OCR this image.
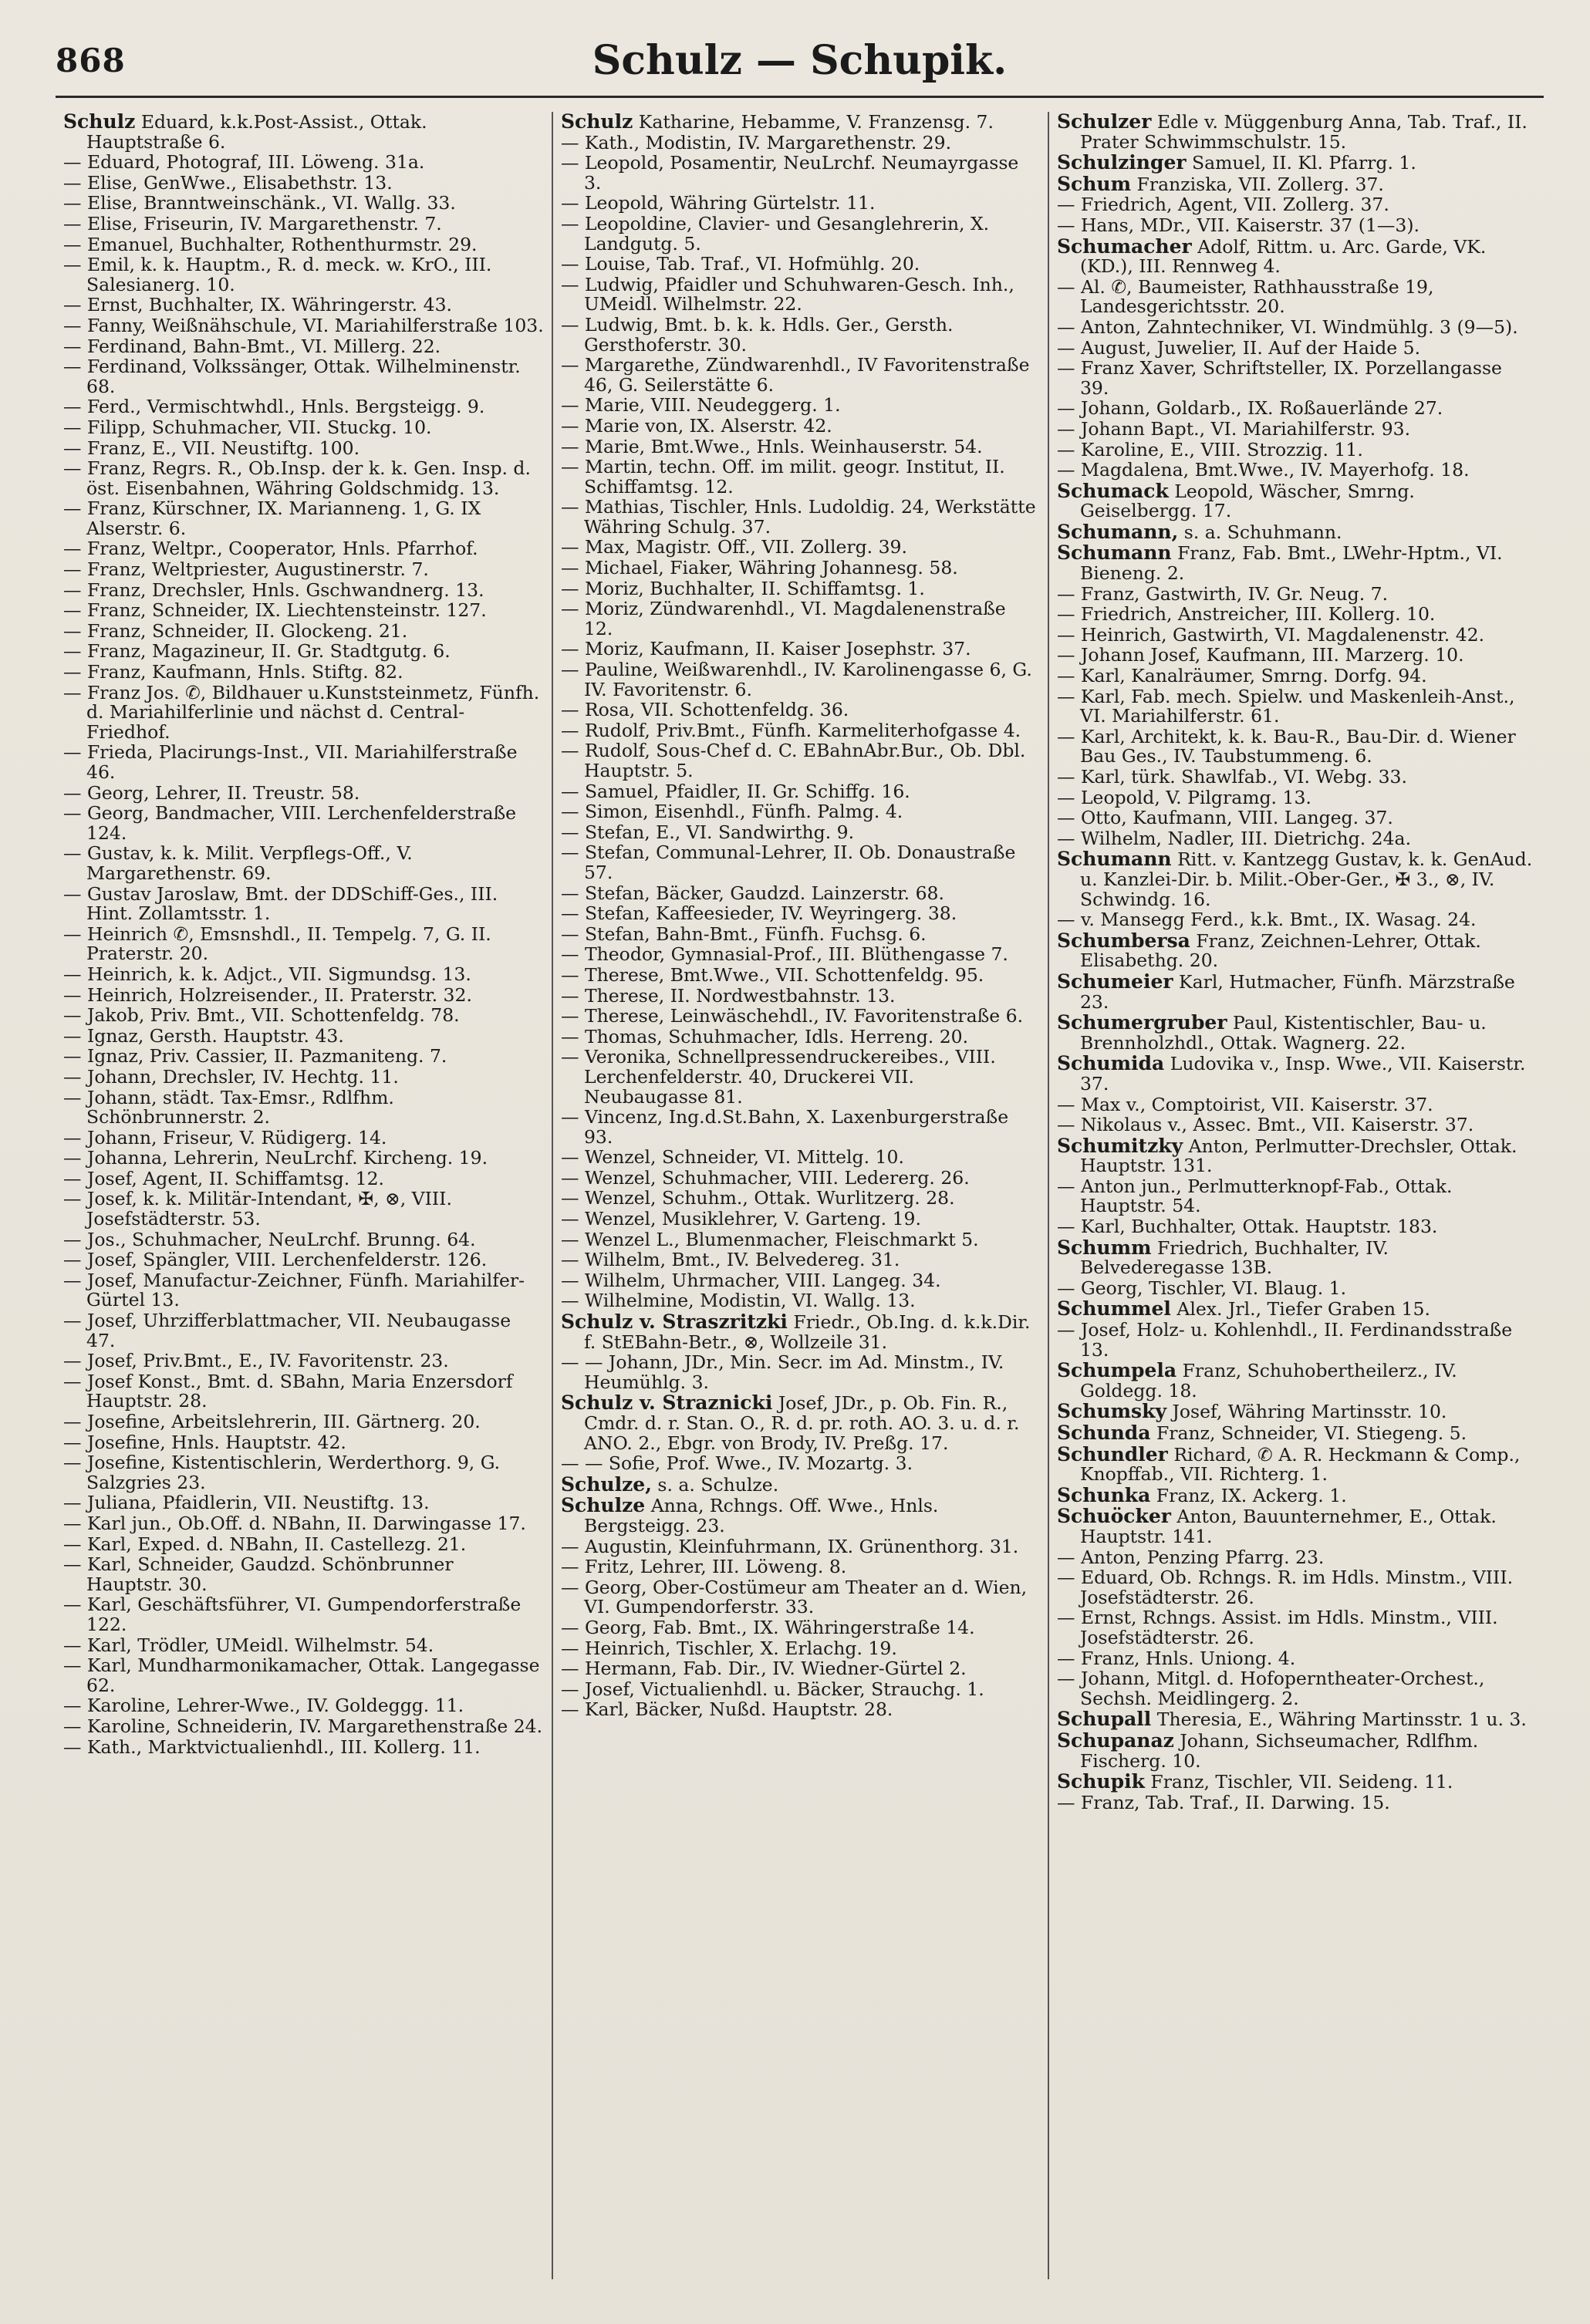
868	Schulz — Schupik.
Schulz Eduard, k.k.Post-Assist., Ottak. Hauptstraße 6.
— Eduard, Photograf, III. Löweng. 31a.
— Elise, GenWwe., Elisabethstr. 13.
— Elise, Branntweinschänk., VI. Wallg. 33.
— Elise, Friseurin, IV. Margarethenstr. 7.
— Emanuel, Buchhalter, Rothenthurmstr. 29.
— Emil, k. k. Hauptm., R. d. meck. w. KrO., III. Salesianerg. 10.
— Ernst, Buchhalter, IX. Währingerstr. 43.
— Fanny, Weißnähschule, VI. Mariahilferstraße 103.
— Ferdinand, Bahn-Bmt., VI. Millerg. 22.
— Ferdinand, Volkssänger, Ottak. Wilhelminenstr. 68.
— Ferd., Vermischtwhdl., Hnls. Bergsteigg. 9.
— Filipp, Schuhmacher, VII. Stuckg. 10.
— Franz, E., VII. Neustiftg. 100.
— Franz, Regrs. R., Ob.Insp. der k. k. Gen. Insp. d. öst. Eisenbahnen, Währing Goldschmidg. 13.
— Franz, Kürschner, IX. Marianneng. 1, G. IX Alserstr. 6.
— Franz, Weltpr., Cooperator, Hnls. Pfarrhof.
— Franz, Weltpriester, Augustinerstr. 7.
— Franz, Drechsler, Hnls. Gschwandnerg. 13.
— Franz, Schneider, IX. Liechtensteinstr. 127.
— Franz, Schneider, II. Glockeng. 21.
— Franz, Magazineur, II. Gr. Stadtgutg. 6.
— Franz, Kaufmann, Hnls. Stiftg. 82.
— Franz Jos. ✆, Bildhauer u.Kunststeinmetz, Fünfh. d. Mariahilferlinie und nächst d. Central-Friedhof.
— Frieda, Placirungs-Inst., VII. Mariahilferstraße 46.
— Georg, Lehrer, II. Treustr. 58.
— Georg, Bandmacher, VIII. Lerchenfelderstraße 124.
— Gustav, k. k. Milit. Verpflegs-Off., V. Margarethenstr. 69.
— Gustav Jaroslaw, Bmt. der DDSchiff-Ges., III. Hint. Zollamtsstr. 1.
— Heinrich ✆, Emsnshdl., II. Tempelg. 7, G. II. Praterstr. 20.
— Heinrich, k. k. Adjct., VII. Sigmundsg. 13.
— Heinrich, Holzreisender., II. Praterstr. 32.
— Jakob, Priv. Bmt., VII. Schottenfeldg. 78.
— Ignaz, Gersth. Hauptstr. 43.
— Ignaz, Priv. Cassier, II. Pazmaniteng. 7.
— Johann, Drechsler, IV. Hechtg. 11.
— Johann, städt. Tax-Emsr., Rdlfhm. Schönbrunnerstr. 2.
— Johann, Friseur, V. Rüdigerg. 14.
— Johanna, Lehrerin, NeuLrchf. Kircheng. 19.
— Josef, Agent, II. Schiffamtsg. 12.
— Josef, k. k. Militär-Intendant, ✠, ⊗, VIII. Josefstädterstr. 53.
— Jos., Schuhmacher, NeuLrchf. Brunng. 64.
— Josef, Spängler, VIII. Lerchenfelderstr. 126.
— Josef, Manufactur-Zeichner, Fünfh. Mariahilfer-Gürtel 13.
— Josef, Uhrzifferblattmacher, VII. Neubaugasse 47.
— Josef, Priv.Bmt., E., IV. Favoritenstr. 23.
— Josef Konst., Bmt. d. SBahn, Maria Enzersdorf Hauptstr. 28.
— Josefine, Arbeitslehrerin, III. Gärtnerg. 20.
— Josefine, Hnls. Hauptstr. 42.
— Josefine, Kistentischlerin, Werderthorg. 9, G. Salzgries 23.
— Juliana, Pfaidlerin, VII. Neustiftg. 13.
— Karl jun., Ob.Off. d. NBahn, II. Darwingasse 17.
— Karl, Exped. d. NBahn, II. Castellezg. 21.
— Karl, Schneider, Gaudzd. Schönbrunner Hauptstr. 30.
— Karl, Geschäftsführer, VI. Gumpendorferstraße 122.
— Karl, Trödler, UMeidl. Wilhelmstr. 54.
— Karl, Mundharmonikamacher, Ottak. Langegasse 62.
— Karoline, Lehrer-Wwe., IV. Goldeggg. 11.
— Karoline, Schneiderin, IV. Margarethenstraße 24.
— Kath., Marktvictualienhdl., III. Kollerg. 11.
Schulz Katharine, Hebamme, V. Franzensg. 7.
— Kath., Modistin, IV. Margarethenstr. 29.
— Leopold, Posamentir, NeuLrchf. Neumayrgasse 3.
— Leopold, Währing Gürtelstr. 11.
— Leopoldine, Clavier- und Gesanglehrerin, X. Landgutg. 5.
— Louise, Tab. Traf., VI. Hofmühlg. 20.
— Ludwig, Pfaidler und Schuhwaren-Gesch. Inh., UMeidl. Wilhelmstr. 22.
— Ludwig, Bmt. b. k. k. Hdls. Ger., Gersth. Gersthoferstr. 30.
— Margarethe, Zündwarenhdl., IV Favoritenstraße 46, G. Seilerstätte 6.
— Marie, VIII. Neudeggerg. 1.
— Marie von, IX. Alserstr. 42.
— Marie, Bmt.Wwe., Hnls. Weinhauserstr. 54.
— Martin, techn. Off. im milit. geogr. Institut, II. Schiffamtsg. 12.
— Mathias, Tischler, Hnls. Ludoldig. 24, Werkstätte Währing Schulg. 37.
— Max, Magistr. Off., VII. Zollerg. 39.
— Michael, Fiaker, Währing Johannesg. 58.
— Moriz, Buchhalter, II. Schiffamtsg. 1.
— Moriz, Zündwarenhdl., VI. Magdalenenstraße 12.
— Moriz, Kaufmann, II. Kaiser Josephstr. 37.
— Pauline, Weißwarenhdl., IV. Karolinengasse 6, G. IV. Favoritenstr. 6.
— Rosa, VII. Schottenfeldg. 36.
— Rudolf, Priv.Bmt., Fünfh. Karmeliterhofgasse 4.
— Rudolf, Sous-Chef d. C. EBahnAbr.Bur., Ob. Dbl. Hauptstr. 5.
— Samuel, Pfaidler, II. Gr. Schiffg. 16.
— Simon, Eisenhdl., Fünfh. Palmg. 4.
— Stefan, E., VI. Sandwirthg. 9.
— Stefan, Communal-Lehrer, II. Ob. Donaustraße 57.
— Stefan, Bäcker, Gaudzd. Lainzerstr. 68.
— Stefan, Kaffeesieder, IV. Weyringerg. 38.
— Stefan, Bahn-Bmt., Fünfh. Fuchsg. 6.
— Theodor, Gymnasial-Prof., III. Blüthengasse 7.
— Therese, Bmt.Wwe., VII. Schottenfeldg. 95.
— Therese, II. Nordwestbahnstr. 13.
— Therese, Leinwäschehdl., IV. Favoritenstraße 6.
— Thomas, Schuhmacher, Idls. Herreng. 20.
— Veronika, Schnellpressendruckereibes., VIII. Lerchenfelderstr. 40, Druckerei VII. Neubaugasse 81.
— Vincenz, Ing.d.St.Bahn, X. Laxenburgerstraße 93.
— Wenzel, Schneider, VI. Mittelg. 10.
— Wenzel, Schuhmacher, VIII. Ledererg. 26.
— Wenzel, Schuhm., Ottak. Wurlitzerg. 28.
— Wenzel, Musiklehrer, V. Garteng. 19.
— Wenzel L., Blumenmacher, Fleischmarkt 5.
— Wilhelm, Bmt., IV. Belvedereg. 31.
— Wilhelm, Uhrmacher, VIII. Langeg. 34.
— Wilhelmine, Modistin, VI. Wallg. 13.
Schulz v. Straszritzki Friedr., Ob.Ing. d. k.k.Dir. f. StEBahn-Betr., ⊗, Wollzeile 31.
— — Johann, JDr., Min. Secr. im Ad. Minstm., IV. Heumühlg. 3.
Schulz v. Straznicki Josef, JDr., p. Ob. Fin. R., Cmdr. d. r. Stan. O., R. d. pr. roth. AO. 3. u. d. r. ANO. 2., Ebgr. von Brody, IV. Preßg. 17.
— — Sofie, Prof. Wwe., IV. Mozartg. 3.
Schulze, s. a. Schulze.
Schulze Anna, Rchngs. Off. Wwe., Hnls. Bergsteigg. 23.
— Augustin, Kleinfuhrmann, IX. Grünenthorg. 31.
— Fritz, Lehrer, III. Löweng. 8.
— Georg, Ober-Costümeur am Theater an d. Wien, VI. Gumpendorferstr. 33.
— Georg, Fab. Bmt., IX. Währingerstraße 14.
— Heinrich, Tischler, X. Erlachg. 19.
— Hermann, Fab. Dir., IV. Wiedner-Gürtel 2.
— Josef, Victualienhdl. u. Bäcker, Strauchg. 1.
— Karl, Bäcker, Nußd. Hauptstr. 28.
Schulzer Edle v. Müggenburg Anna, Tab. Traf., II. Prater Schwimmschulstr. 15.
Schulzinger Samuel, II. Kl. Pfarrg. 1.
Schum Franziska, VII. Zollerg. 37.
— Friedrich, Agent, VII. Zollerg. 37.
— Hans, MDr., VII. Kaiserstr. 37 (1—3).
Schumacher Adolf, Rittm. u. Arc. Garde, VK. (KD.), III. Rennweg 4.
— Al. ✆, Baumeister, Rathhausstraße 19, Landesgerichtsstr. 20.
— Anton, Zahntechniker, VI. Windmühlg. 3 (9—5).
— August, Juwelier, II. Auf der Haide 5.
— Franz Xaver, Schriftsteller, IX. Porzellangasse 39.
— Johann, Goldarb., IX. Roßauerlände 27.
— Johann Bapt., VI. Mariahilferstr. 93.
— Karoline, E., VIII. Strozzig. 11.
— Magdalena, Bmt.Wwe., IV. Mayerhofg. 18.
Schumack Leopold, Wäscher, Smrng. Geiselbergg. 17.
Schumann, s. a. Schuhmann.
Schumann Franz, Fab. Bmt., LWehr-Hptm., VI. Bieneng. 2.
— Franz, Gastwirth, IV. Gr. Neug. 7.
— Friedrich, Anstreicher, III. Kollerg. 10.
— Heinrich, Gastwirth, VI. Magdalenenstr. 42.
— Johann Josef, Kaufmann, III. Marzerg. 10.
— Karl, Kanalräumer, Smrng. Dorfg. 94.
— Karl, Fab. mech. Spielw. und Maskenleih-Anst., VI. Mariahilferstr. 61.
— Karl, Architekt, k. k. Bau-R., Bau-Dir. d. Wiener Bau Ges., IV. Taubstummeng. 6.
— Karl, türk. Shawlfab., VI. Webg. 33.
— Leopold, V. Pilgramg. 13.
— Otto, Kaufmann, VIII. Langeg. 37.
— Wilhelm, Nadler, III. Dietrichg. 24a.
Schumann Ritt. v. Kantzegg Gustav, k. k. GenAud. u. Kanzlei-Dir. b. Milit.-Ober-Ger., ✠ 3., ⊗, IV. Schwindg. 16.
— v. Mansegg Ferd., k.k. Bmt., IX. Wasag. 24.
Schumbersa Franz, Zeichnen-Lehrer, Ottak. Elisabethg. 20.
Schumeier Karl, Hutmacher, Fünfh. Märzstraße 23.
Schumergruber Paul, Kistentischler, Bau- u. Brennholzhdl., Ottak. Wagnerg. 22.
Schumida Ludovika v., Insp. Wwe., VII. Kaiserstr. 37.
— Max v., Comptoirist, VII. Kaiserstr. 37.
— Nikolaus v., Assec. Bmt., VII. Kaiserstr. 37.
Schumitzky Anton, Perlmutter-Drechsler, Ottak. Hauptstr. 131.
— Anton jun., Perlmutterknopf-Fab., Ottak. Hauptstr. 54.
— Karl, Buchhalter, Ottak. Hauptstr. 183.
Schumm Friedrich, Buchhalter, IV. Belvederegasse 13B.
— Georg, Tischler, VI. Blaug. 1.
Schummel Alex. Jrl., Tiefer Graben 15.
— Josef, Holz- u. Kohlenhdl., II. Ferdinandsstraße 13.
Schumpela Franz, Schuhobertheilerz., IV. Goldegg. 18.
Schumsky Josef, Währing Martinsstr. 10.
Schunda Franz, Schneider, VI. Stiegeng. 5.
Schundler Richard, ✆ A. R. Heckmann & Comp., Knopffab., VII. Richterg. 1.
Schunka Franz, IX. Ackerg. 1.
Schuöcker Anton, Bauunternehmer, E., Ottak. Hauptstr. 141.
— Anton, Penzing Pfarrg. 23.
— Eduard, Ob. Rchngs. R. im Hdls. Minstm., VIII. Josefstädterstr. 26.
— Ernst, Rchngs. Assist. im Hdls. Minstm., VIII. Josefstädterstr. 26.
— Franz, Hnls. Uniong. 4.
— Johann, Mitgl. d. Hofoperntheater-Orchest., Sechsh. Meidlingerg. 2.
Schupall Theresia, E., Währing Martinsstr. 1 u. 3.
Schupanaz Johann, Sichseumacher, Rdlfhm. Fischerg. 10.
Schupik Franz, Tischler, VII. Seideng. 11.
— Franz, Tab. Traf., II. Darwing. 15.
